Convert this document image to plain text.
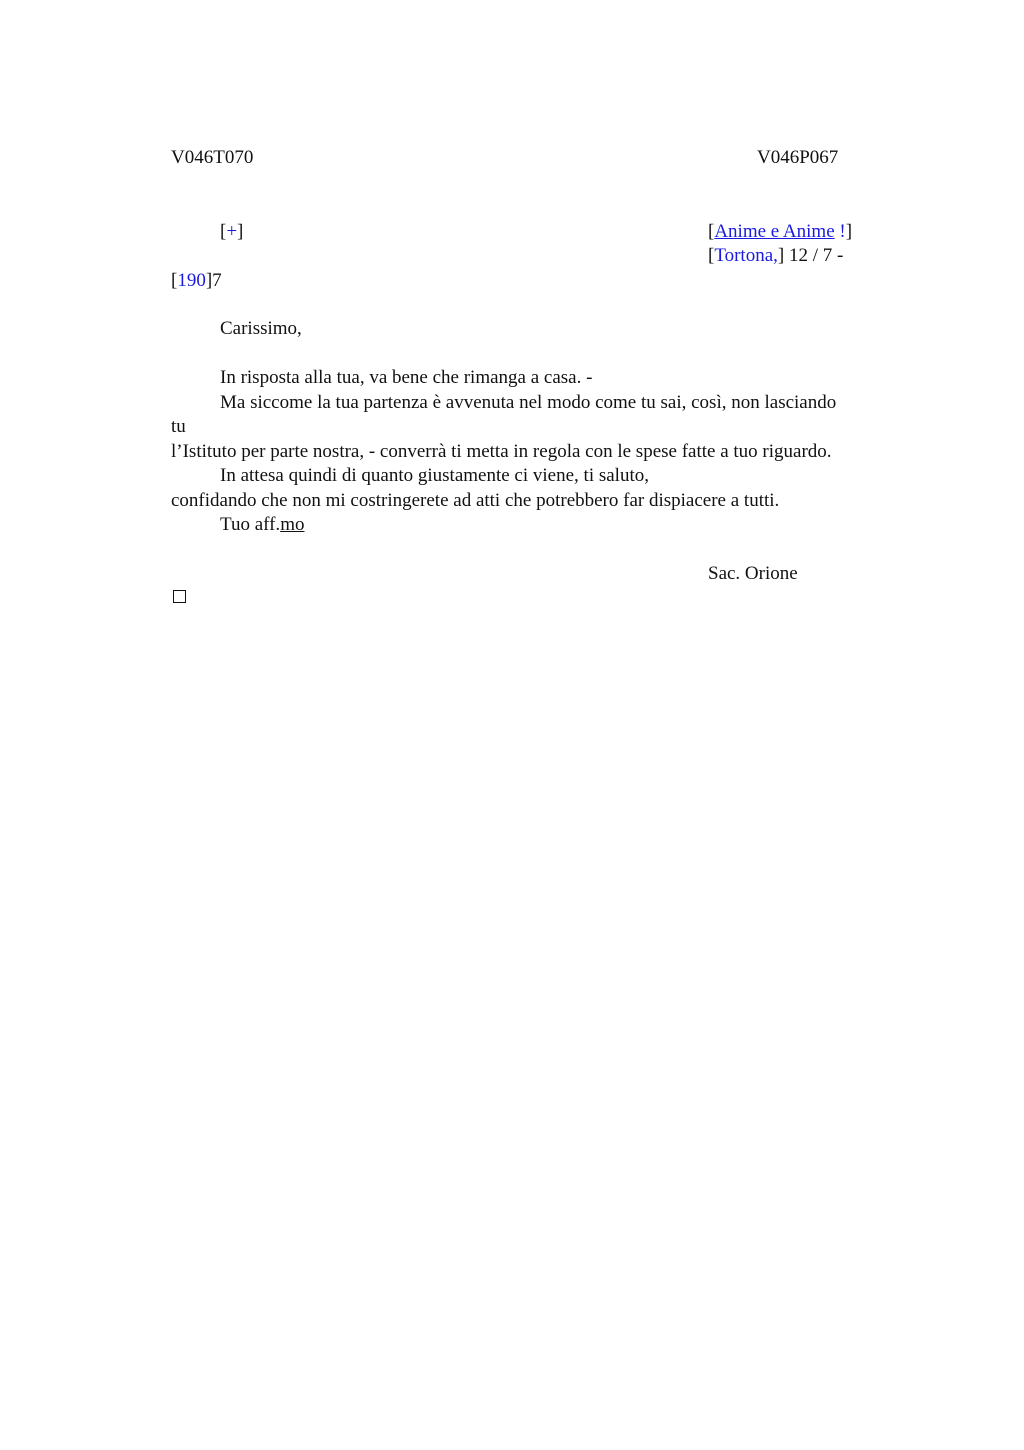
V046T070	V046P067
[+]	[Anime e Anime !]
[Tortona,] 12 / 7 -
[190]7
Carissimo,
In risposta alla tua, va bene che rimanga a casa. -
Ma siccome la tua partenza è avvenuta nel modo come tu sai, così, non lasciando
tu
l’Istituto per parte nostra, - converrà ti metta in regola con le spese fatte a tuo riguardo.
In attesa quindi di quanto giustamente ci viene, ti saluto,
confidando che non mi costringerete ad atti che potrebbero far dispiacere a tutti.
Tuo aff.mo
Sac. Orione
